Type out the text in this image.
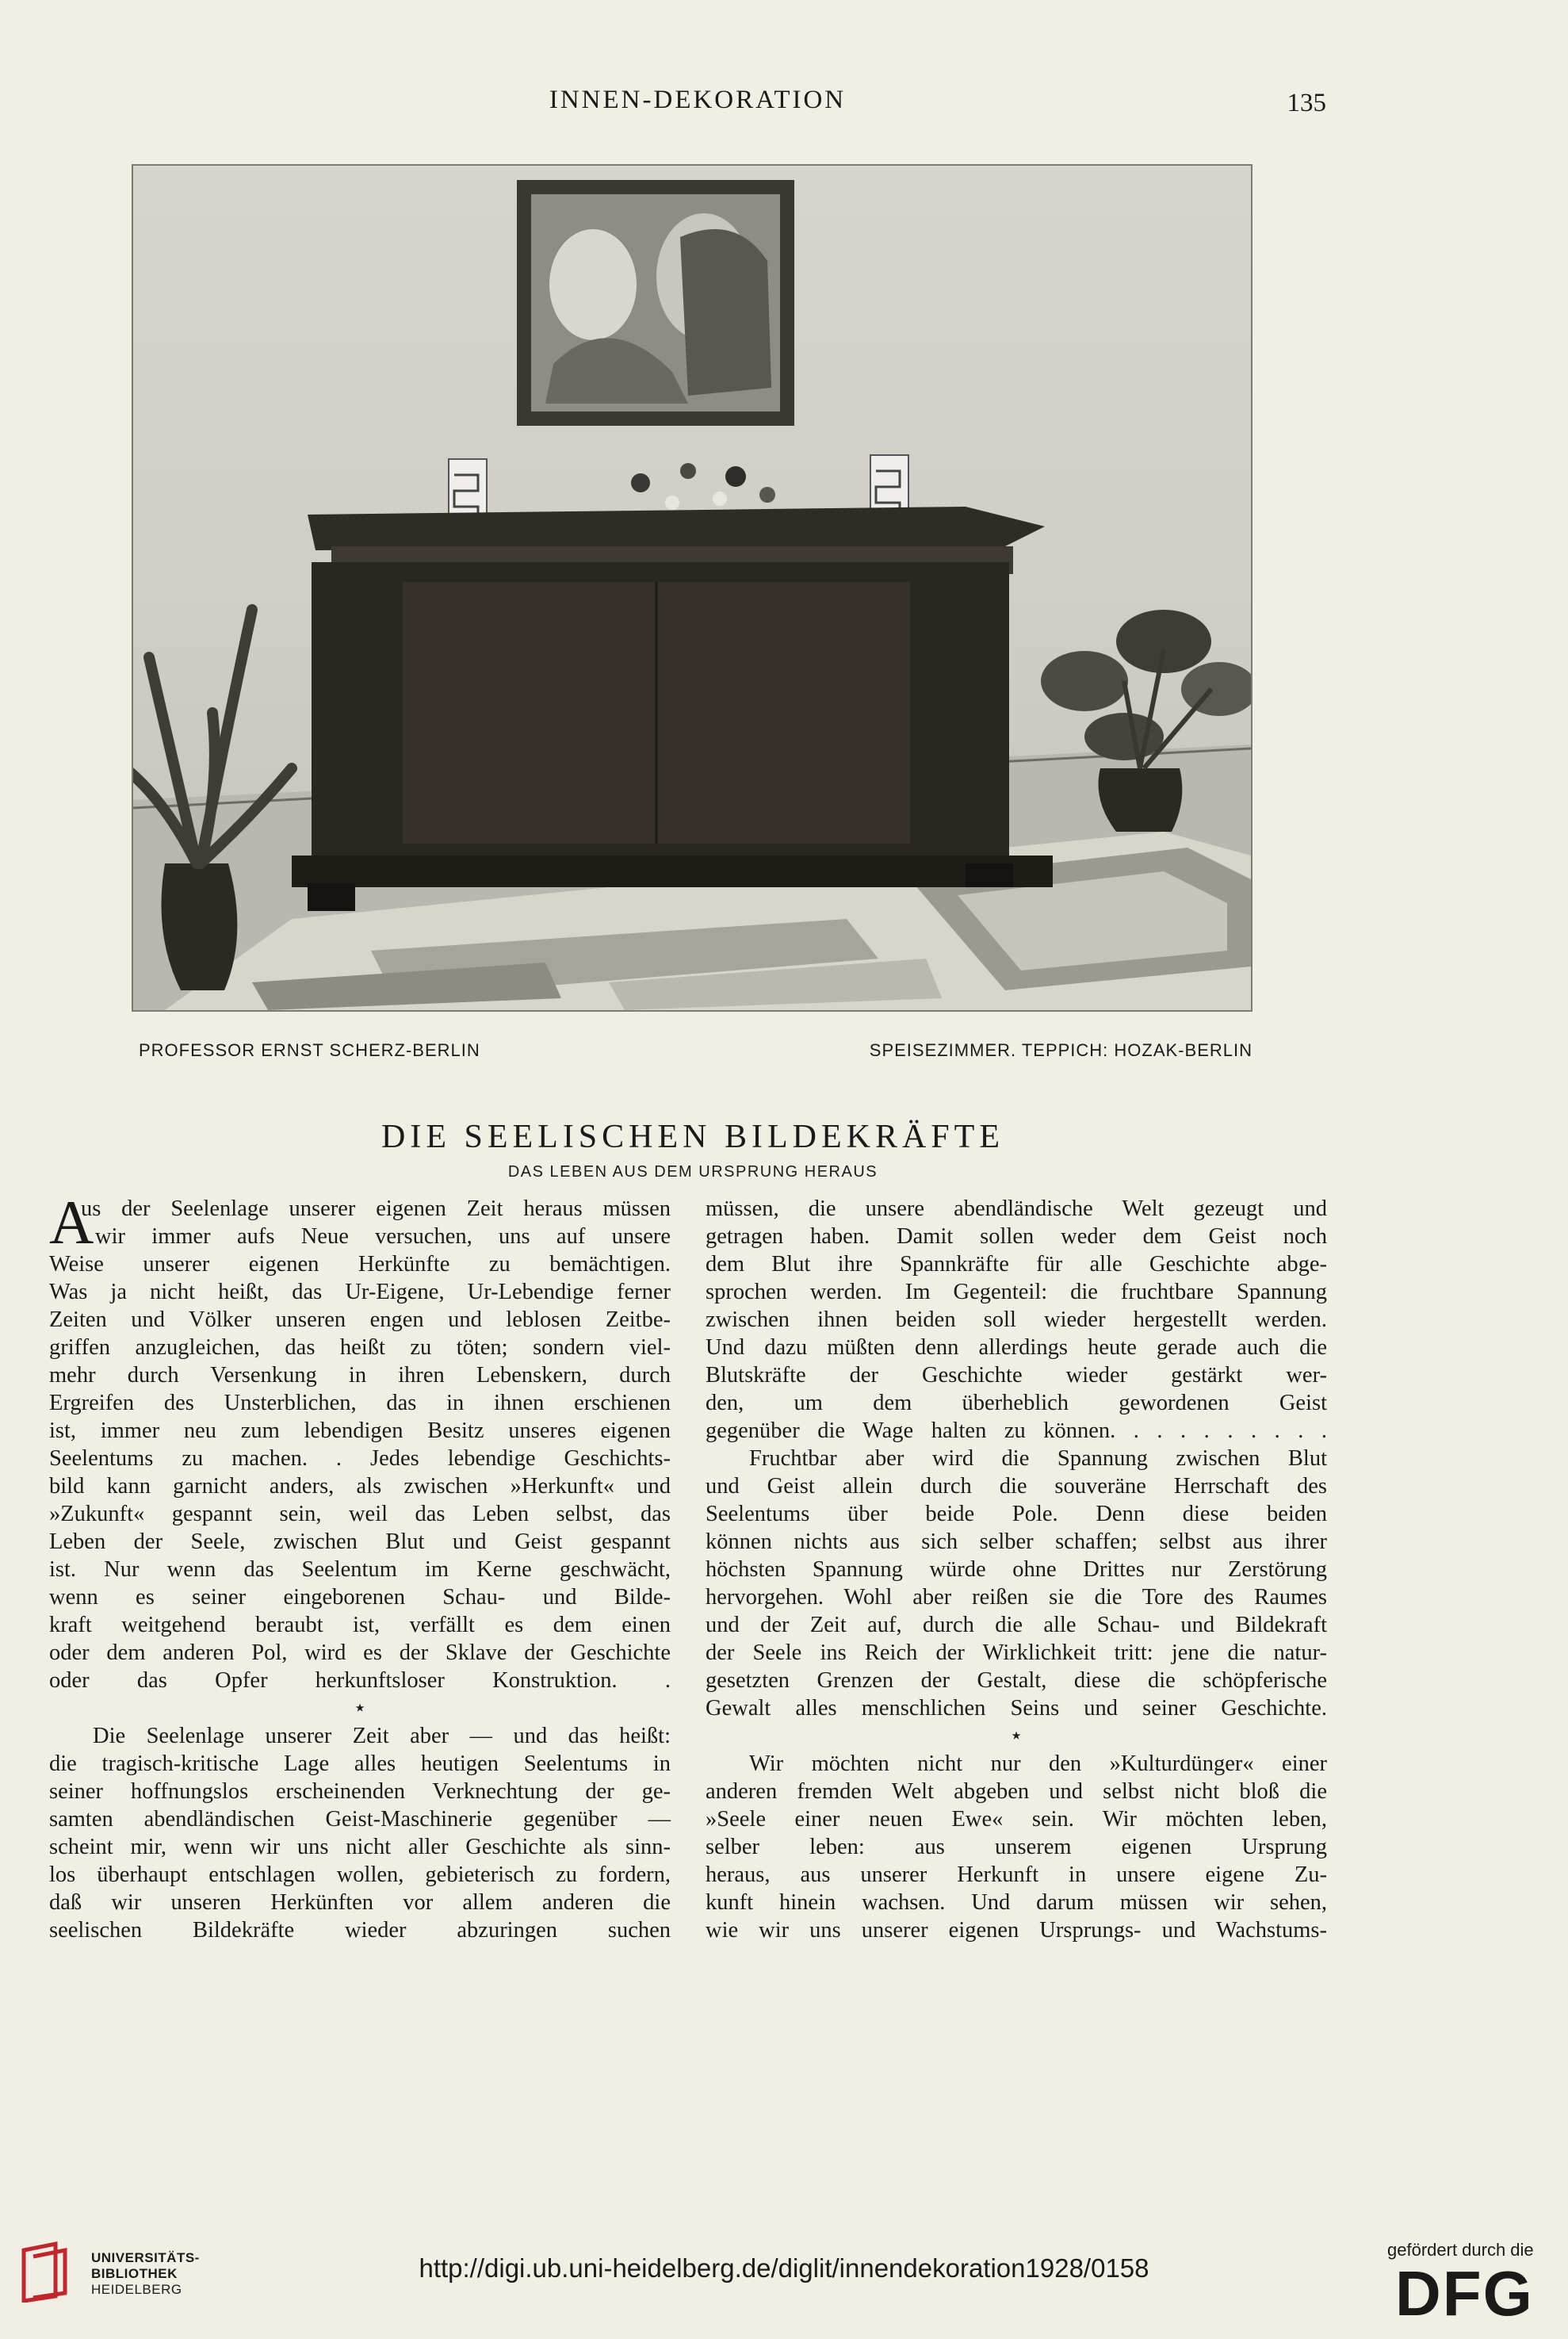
INNEN-DEKORATION	135
PROFESSOR ERNST SCHERZ-BERLIN	SPEISEZIMMER. TEPPICH: HOZAK-BERLIN
DIE SEELISCHEN BILDEKRÄFTE
DAS LEBEN AUS DEM URSPRUNG HERAUS
A
us der Seelenlage unserer eigenen Zeit heraus müssen
wir immer aufs Neue versuchen, uns auf unsere
Weise unserer eigenen Herkünfte zu bemächtigen.
Was ja nicht heißt, das Ur-Eigene, Ur-Lebendige ferner
Zeiten und Völker unseren engen und leblosen Zeitbe-
griffen anzugleichen, das heißt zu töten; sondern viel-
mehr durch Versenkung in ihren Lebenskern, durch
Ergreifen des Unsterblichen, das in ihnen erschienen
ist, immer neu zum lebendigen Besitz unseres eigenen
Seelentums zu machen. . Jedes lebendige Geschichts-
bild kann garnicht anders, als zwischen »Herkunft« und
»Zukunft« gespannt sein, weil das Leben selbst, das
Leben der Seele, zwischen Blut und Geist gespannt
ist. Nur wenn das Seelentum im Kerne geschwächt,
wenn es seiner eingeborenen Schau- und Bilde-
kraft weitgehend beraubt ist, verfällt es dem einen
oder dem anderen Pol, wird es der Sklave der Geschichte
oder das Opfer herkunftsloser Konstruktion. .
⋆
Die Seelenlage unserer Zeit aber — und das heißt:
die tragisch-kritische Lage alles heutigen Seelentums in
seiner hoffnungslos erscheinenden Verknechtung der ge-
samten abendländischen Geist-Maschinerie gegenüber —
scheint mir, wenn wir uns nicht aller Geschichte als sinn-
los überhaupt entschlagen wollen, gebieterisch zu fordern,
daß wir unseren Herkünften vor allem anderen die
seelischen Bildekräfte wieder abzuringen suchen
müssen, die unsere abendländische Welt gezeugt und
getragen haben. Damit sollen weder dem Geist noch
dem Blut ihre Spannkräfte für alle Geschichte abge-
sprochen werden. Im Gegenteil: die fruchtbare Spannung
zwischen ihnen beiden soll wieder hergestellt werden.
Und dazu müßten denn allerdings heute gerade auch die
Blutskräfte der Geschichte wieder gestärkt wer-
den, um dem überheblich gewordenen Geist
gegenüber die Wage halten zu können. . . . . . . . . .
Fruchtbar aber wird die Spannung zwischen Blut
und Geist allein durch die souveräne Herrschaft des
Seelentums über beide Pole. Denn diese beiden
können nichts aus sich selber schaffen; selbst aus ihrer
höchsten Spannung würde ohne Drittes nur Zerstörung
hervorgehen. Wohl aber reißen sie die Tore des Raumes
und der Zeit auf, durch die alle Schau- und Bildekraft
der Seele ins Reich der Wirklichkeit tritt: jene die natur-
gesetzten Grenzen der Gestalt, diese die schöpferische
Gewalt alles menschlichen Seins und seiner Geschichte.
⋆
Wir möchten nicht nur den »Kulturdünger« einer
anderen fremden Welt abgeben und selbst nicht bloß die
»Seele einer neuen Ewe« sein. Wir möchten leben,
selber leben: aus unserem eigenen Ursprung
heraus, aus unserer Herkunft in unsere eigene Zu-
kunft hinein wachsen. Und darum müssen wir sehen,
wie wir uns unserer eigenen Ursprungs- und Wachstums-
UNIVERSITÄTS-
BIBLIOTHEK
HEIDELBERG
http://digi.ub.uni-heidelberg.de/diglit/innendekoration1928/0158
gefördert durch die
DFG
